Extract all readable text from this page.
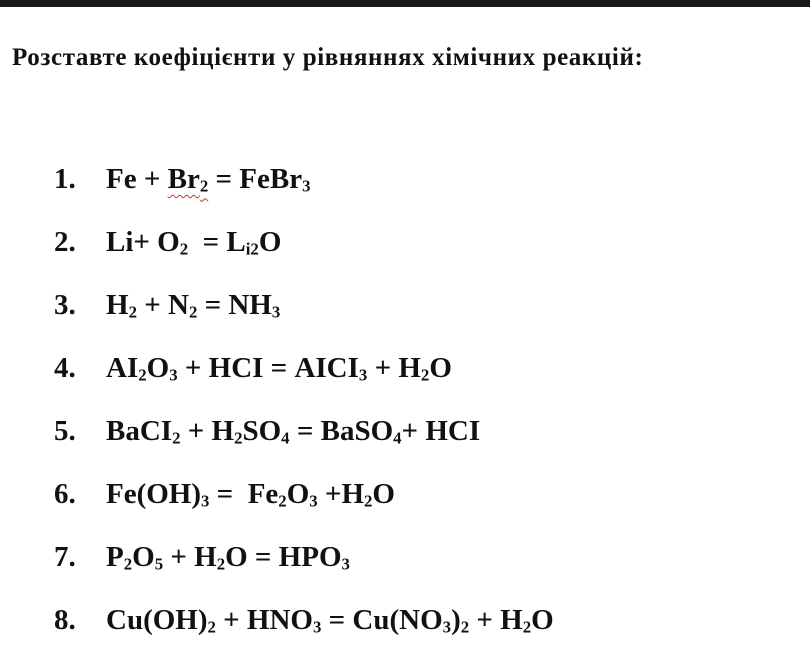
Розставте коефіцієнти у рівняннях хімічних реакцій:

1.	$Fe + Br_2$ = FeBr$_3$
2.	$Li+ O_2 = L_{i2}O$
3.	$H_2 + N_2 = NH_3$
4.	$AI_2O_3$ + HCI = $AICI_3 + H_2O$
5.	BaCI$_2$ + $H_2SO_4$ = BaSO$_4$+ HCI
6.	$Fe(OH)_3 = Fe_2O_3 +H_2O$
7.	$P_2O_5 + H_2O = HPO_3$
8.	$Cu(OH)_2 + HNO_3 = Cu(NO_3)_2 + H_2O$
